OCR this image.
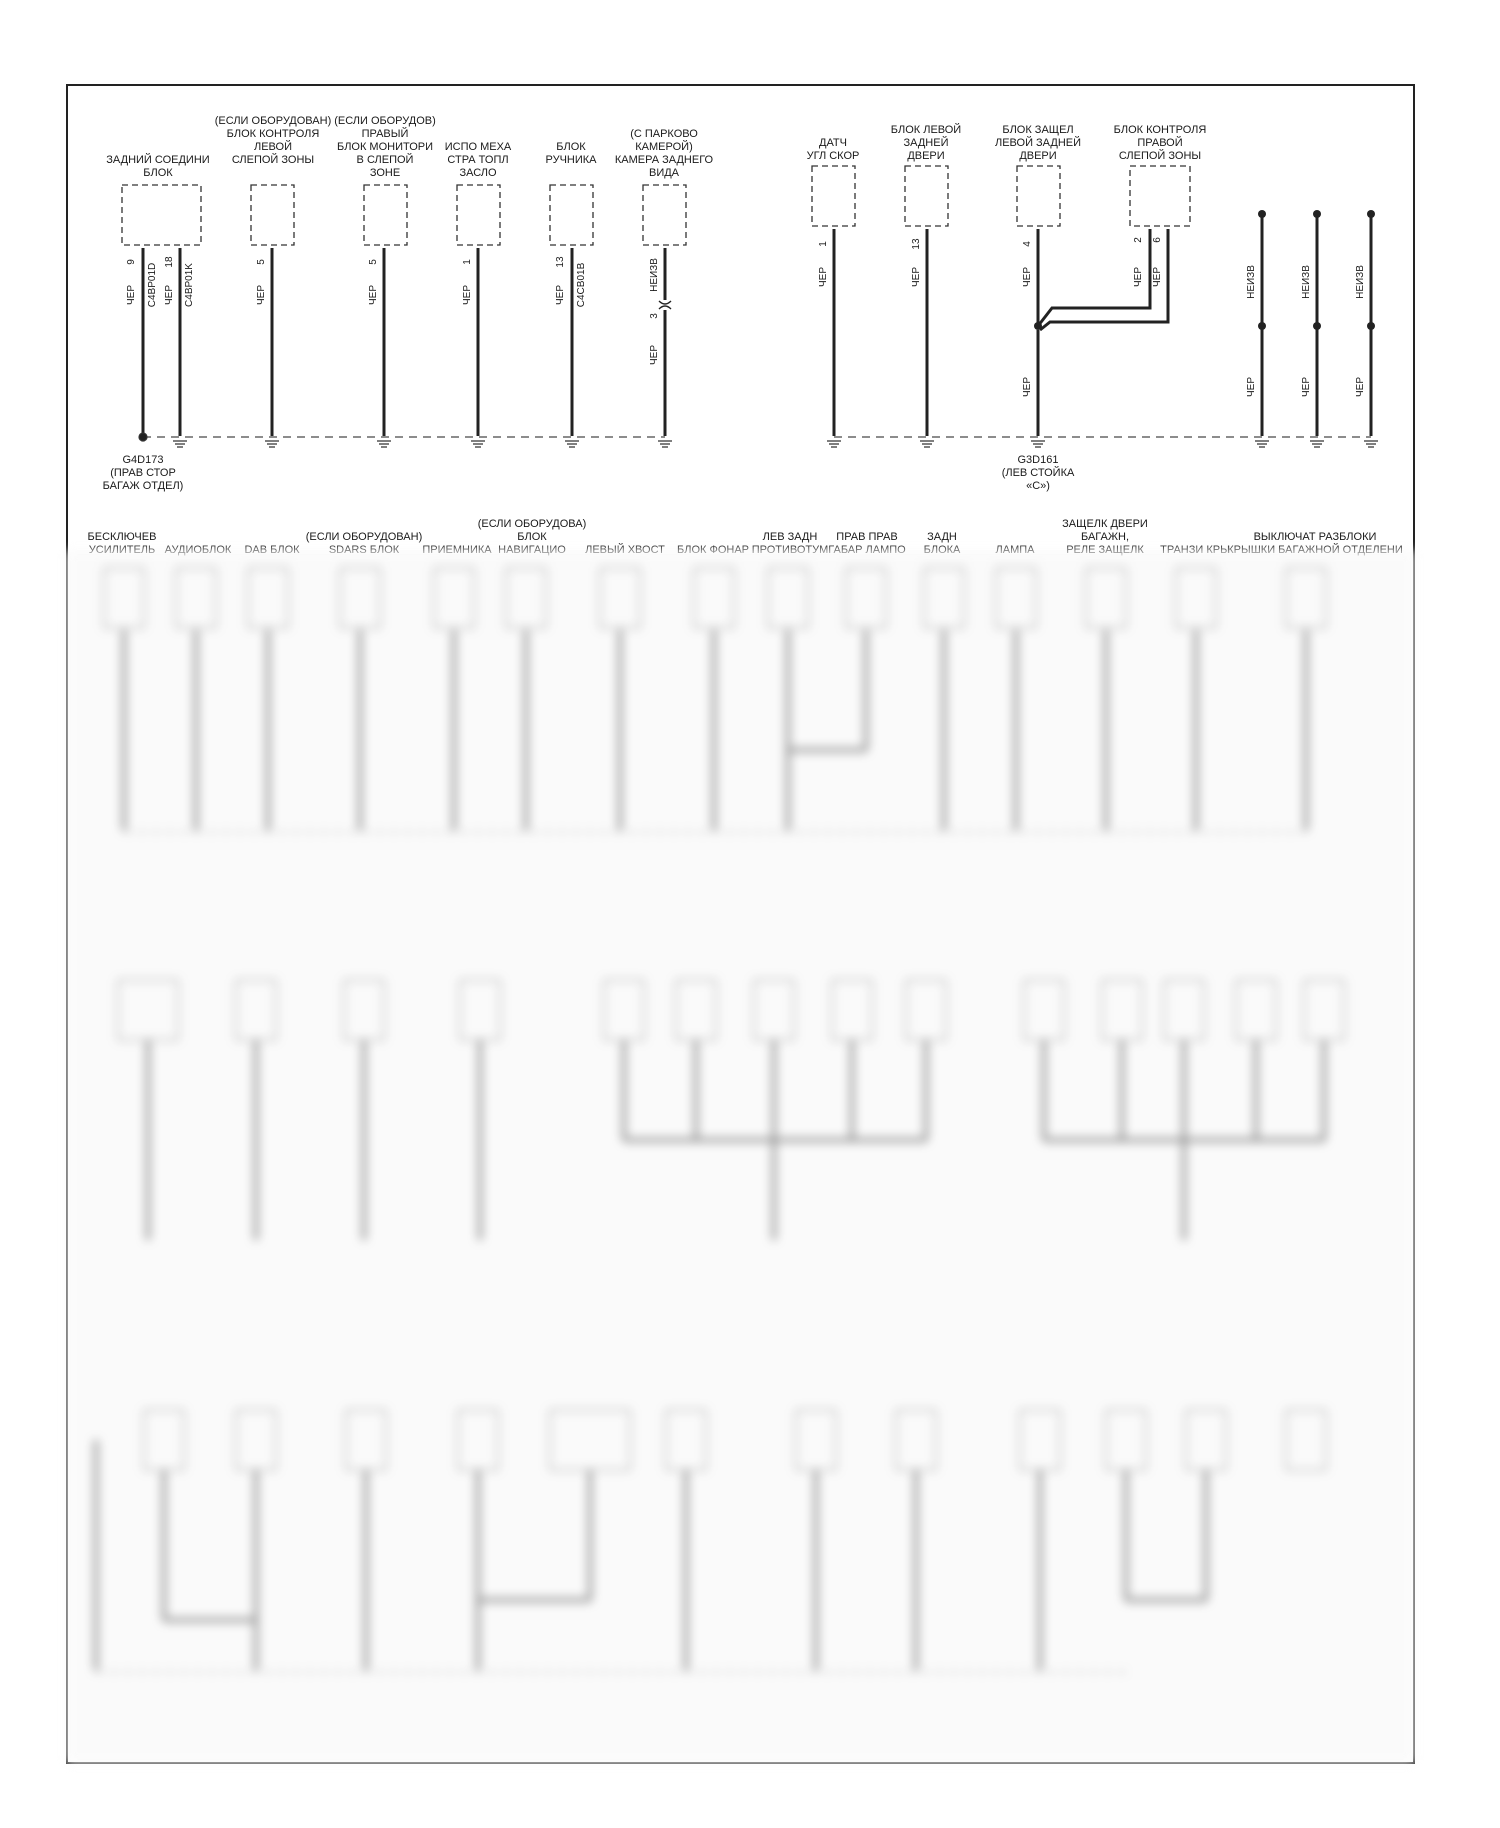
ЗАДНИЙ СОЕДИНИ
БЛОК
9	18
ЧЕР C4BP01D ЧЕР C4BP01K
(ЕСЛИ ОБОРУДОВАН)
БЛОК КОНТРОЛЯ
ЛЕВОЙ
СЛЕПОЙ ЗОНЫ
5
ЧЕР
(ЕСЛИ ОБОРУДОВ)
ПРАВЫЙ
БЛОК МОНИТОРИ
В СЛЕПОЙ
ЗОНЕ
5
ЧЕР
ИСПО МЕХА
СТРА ТОПЛ
ЗАСЛО
1
ЧЕР
БЛОК
РУЧНИКА
13
ЧЕР C4CB01B
(С ПАРКОВО
КАМЕРОЙ)
КАМЕРА ЗАДНЕГО
ВИДА
НЕИЗВ
3
ЧЕР
G4D173
(ПРАВ СТОР
БАГАЖ ОТДЕЛ)
ДАТЧ
УГЛ СКОР
1
ЧЕР
БЛОК ЛЕВОЙ
ЗАДНЕЙ
ДВЕРИ
13
ЧЕР
БЛОК ЗАЩЕЛ
ЛЕВОЙ ЗАДНЕЙ
ДВЕРИ
4
ЧЕР
БЛОК КОНТРОЛЯ
ПРАВОЙ
СЛЕПОЙ ЗОНЫ
2 6
ЧЕР ЧЕР
ЧЕР
НЕИЗВ
ЧЕР
НЕИЗВ
ЧЕР
НЕИЗВ
ЧЕР
G3D161
(ЛЕВ СТОЙКА
«C»)
(ЕСЛИ ОБОРУДОВА)
БЛОК
БЕСКЛЮЧЕВ	(ЕСЛИ ОБОРУДОВАН)	ЛЕВ ЗАДН ПРАВ ПРАВ	ЗАДН
ЗАЩЕЛК ДВЕРИ
БАГАЖН,	ВЫКЛЮЧАТ РАЗБЛОКИ
